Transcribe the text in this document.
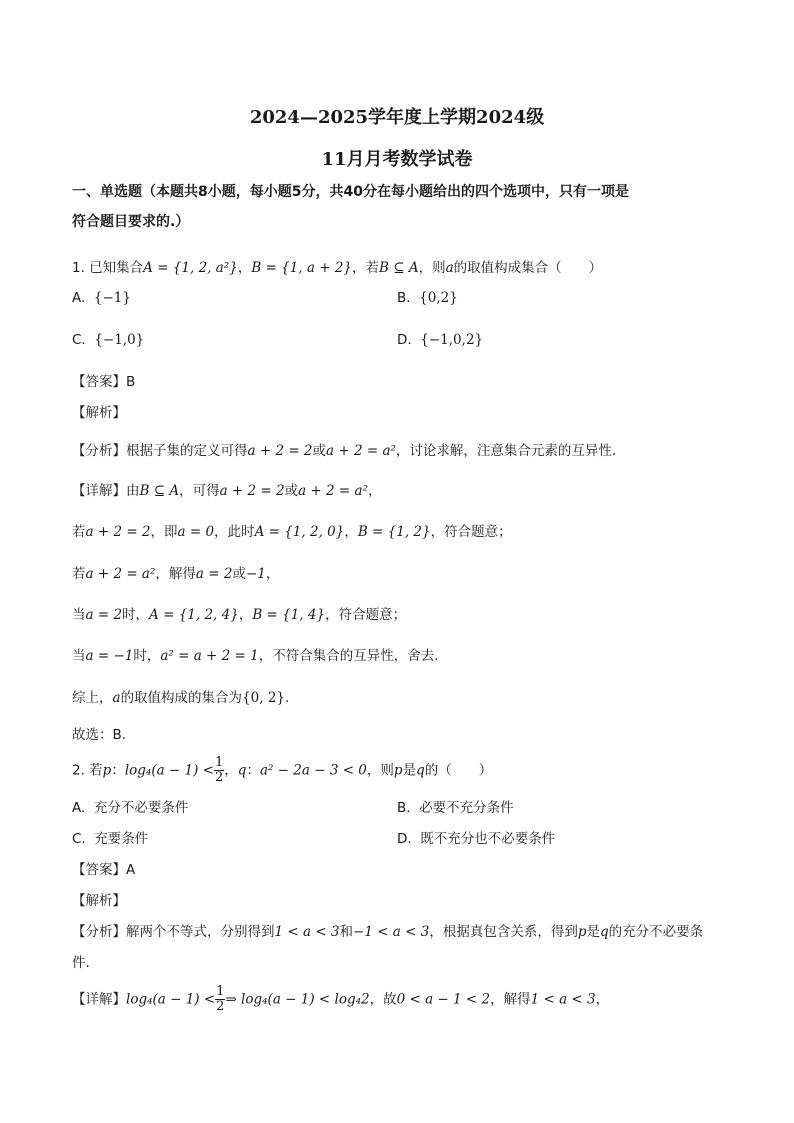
2024—2025学年度上学期2024级
11月月考数学试卷
一、单选题（本题共8小题，每小题5分，共40分在每小题给出的四个选项中，只有一项是
符合题目要求的.）
1. 已知集合A = {1, 2, a²}，B = {1, a + 2}，若B ⊆ A，则a的取值构成集合（　　）
A. {−1}	B. {0,2}
C. {−1,0}	D. {−1,0,2}
【答案】B
【解析】
【分析】根据子集的定义可得a + 2 = 2或a + 2 = a²，讨论求解，注意集合元素的互异性.
【详解】由B ⊆ A，可得a + 2 = 2或a + 2 = a²，
若a + 2 = 2，即a = 0，此时A = {1, 2, 0}，B = {1, 2}，符合题意；
若a + 2 = a²，解得a = 2或−1，
当a = 2时，A = {1, 2, 4}，B = {1, 4}，符合题意；
当a = −1时，a² = a + 2 = 1，不符合集合的互异性，舍去.
综上，a的取值构成的集合为{0, 2}.
故选：B.
2. 若p：$\log_4(a - 1) < \frac{1}{2}$ ，q：a² − 2a − 3 < 0，则p是q的（　　）
A. 充分不必要条件	B. 必要不充分条件
C. 充要条件	D. 既不充分也不必要条件
【答案】A
【解析】
【分析】解两个不等式，分别得到1 < a < 3和−1 < a < 3，根据真包含关系，得到p是q的充分不必要条
件.
【详解】$\log_4(a - 1) < \frac{1}{2}$ ⇒ log₄(a − 1) < log₄2，故0 < a − 1 < 2，解得1 < a < 3，
